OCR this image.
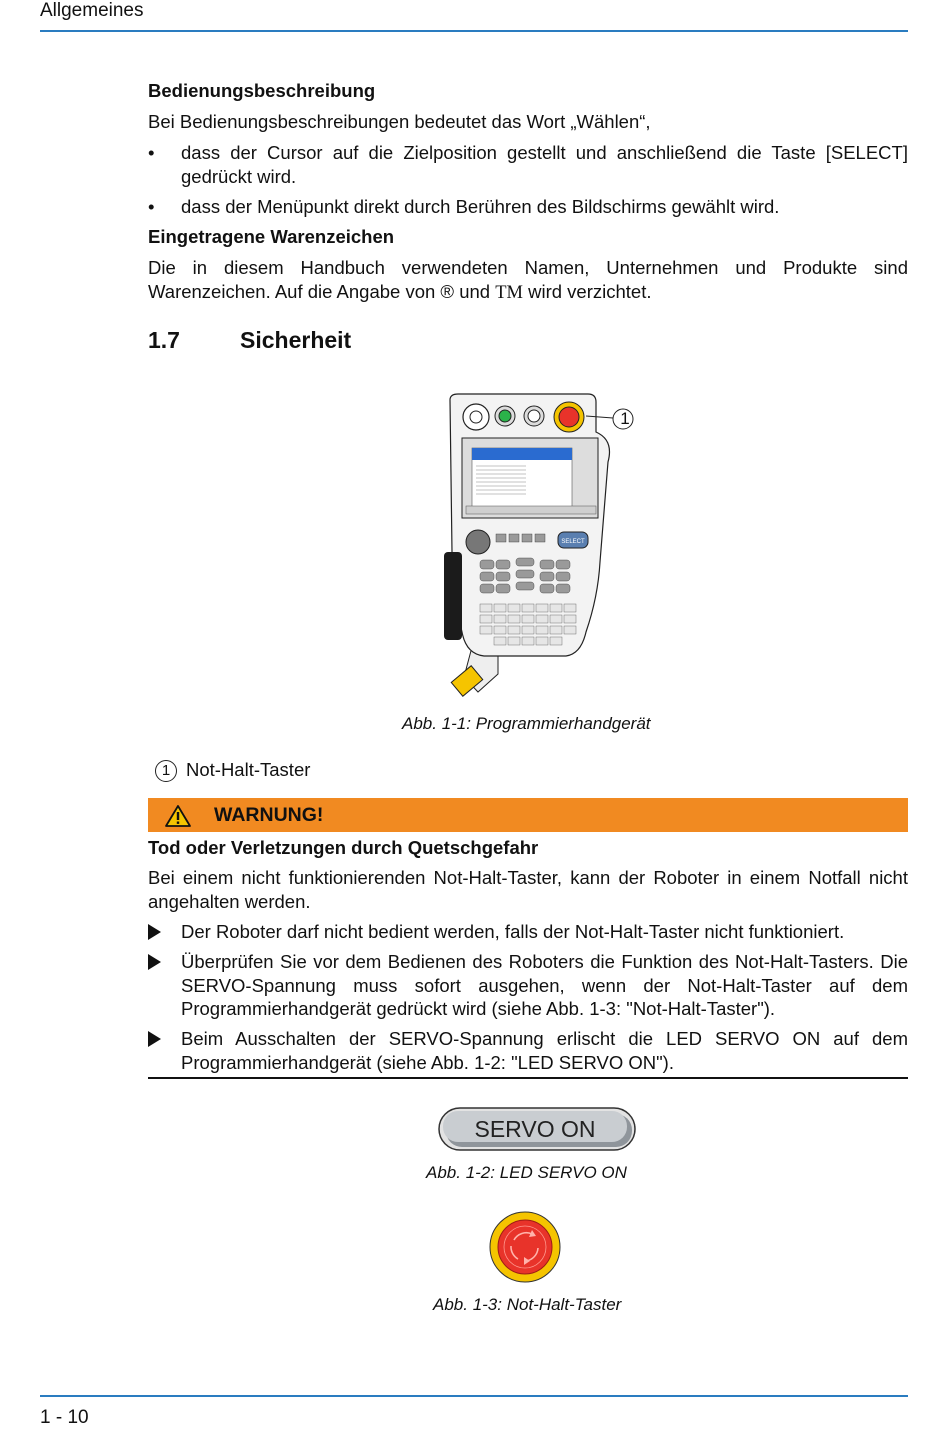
Allgemeines
Bedienungsbeschreibung
Bei Bedienungsbeschreibungen bedeutet das Wort „Wählen“,
•	dass der Cursor auf die Zielposition gestellt und anschließend die Taste [SELECT] gedrückt wird.
•	dass der Menüpunkt direkt durch Berühren des Bildschirms gewählt wird.
Eingetragene Warenzeichen
Die in diesem Handbuch verwendeten Namen, Unternehmen und Produkte sind Warenzeichen. Auf die Angabe von ® und TM wird verzichtet.
1.7	Sicherheit
SELECT
1
Abb. 1-1: Programmierhandgerät
1 Not-Halt-Taster
WARNUNG!
Tod oder Verletzungen durch Quetschgefahr
Bei einem nicht funktionierenden Not-Halt-Taster, kann der Roboter in einem Notfall nicht angehalten werden.
Der Roboter darf nicht bedient werden, falls der Not-Halt-Taster nicht funktioniert.
Überprüfen Sie vor dem Bedienen des Roboters die Funktion des Not-Halt-Tasters. Die SERVO-Spannung muss sofort ausgehen, wenn der Not-Halt-Taster auf dem Programmierhandgerät gedrückt wird (siehe Abb. 1-3: "Not-Halt-Taster").
Beim Ausschalten der SERVO-Spannung erlischt die LED SERVO ON auf dem Programmierhandgerät (siehe Abb. 1-2: "LED SERVO ON").
SERVO ON
Abb. 1-2: LED SERVO ON
Abb. 1-3: Not-Halt-Taster
1 - 10
